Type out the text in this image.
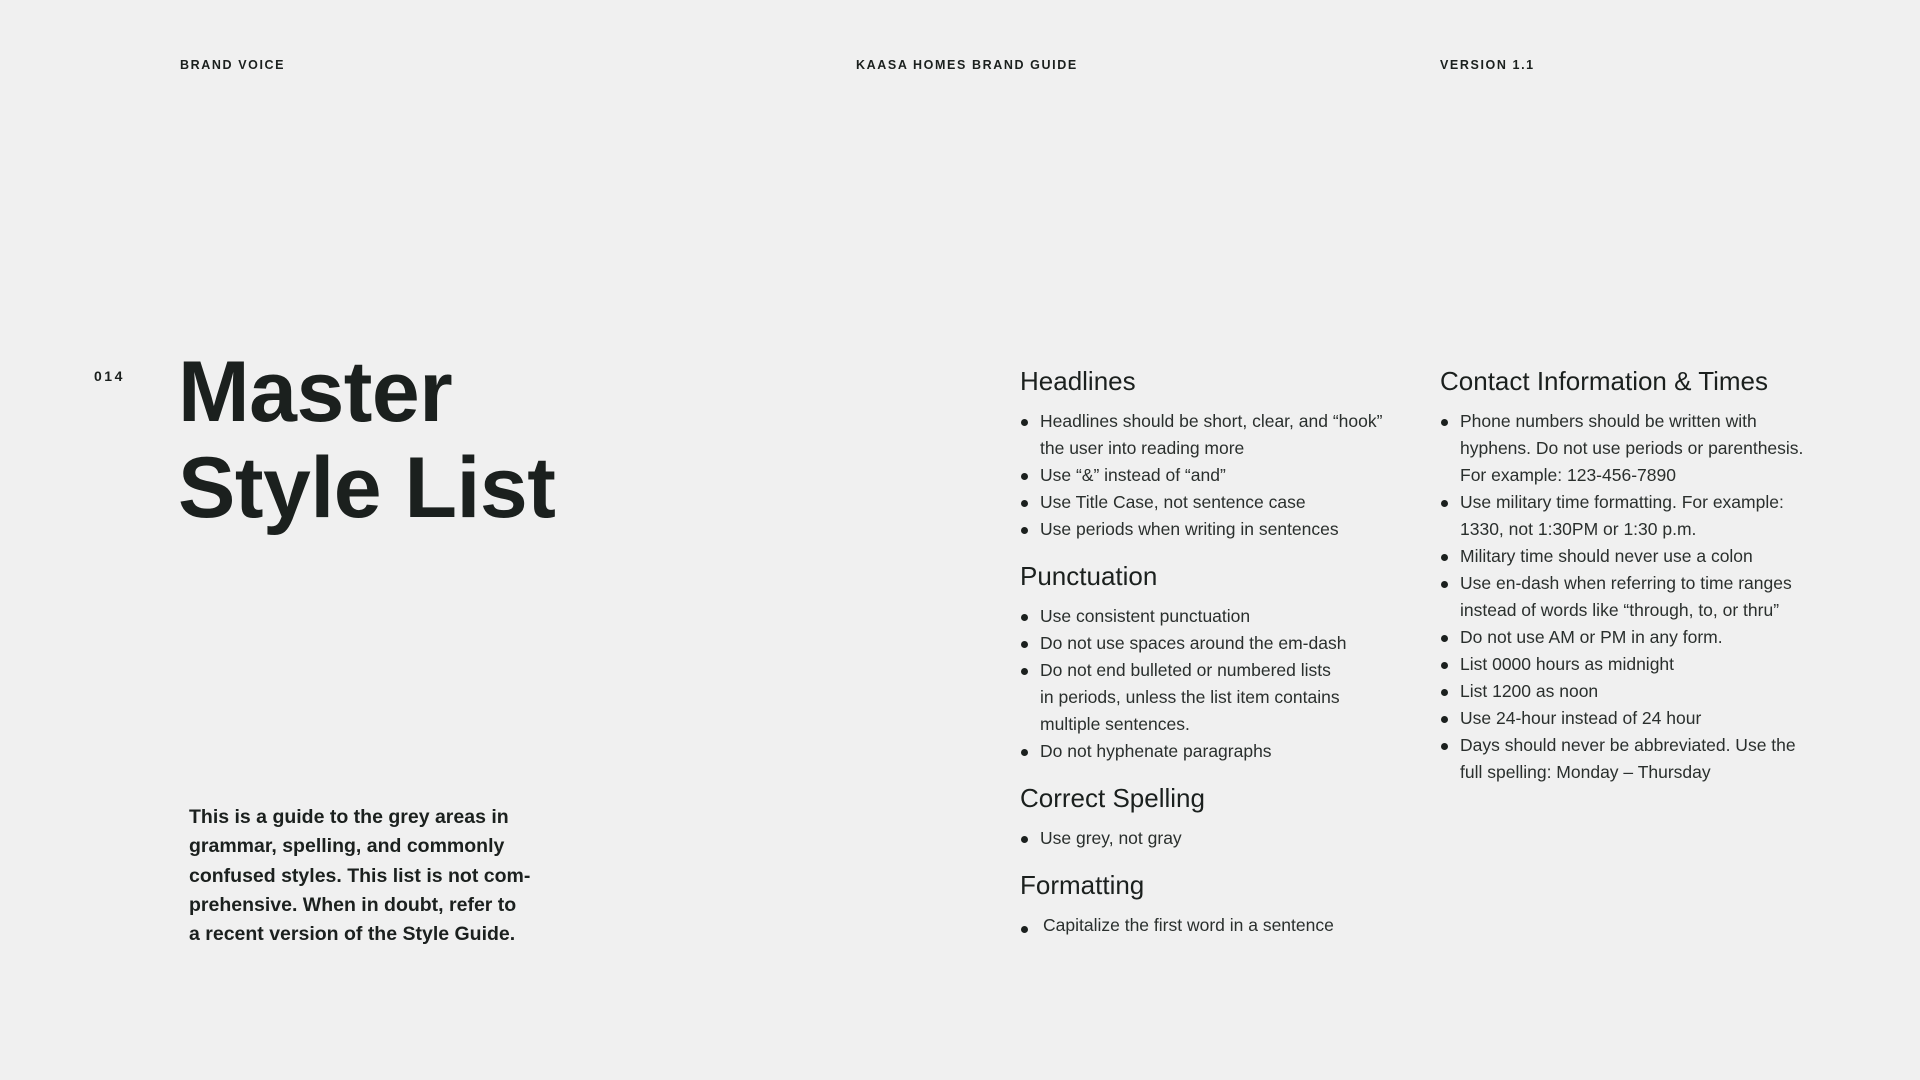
BRAND VOICE	KAASA HOMES BRAND GUIDE	VERSION 1.1
014 Master
Style List

This is a guide to the grey areas in
grammar, spelling, and commonly
confused styles. This list is not com-
prehensive. When in doubt, refer to
a recent version of the Style Guide.

Headlines
Headlines should be short, clear, and “hook”
the user into reading more
Use “&” instead of “and”
Use Title Case, not sentence case
Use periods when writing in sentences
Punctuation
Use consistent punctuation
Do not use spaces around the em-dash
Do not end bulleted or numbered lists
in periods, unless the list item contains
multiple sentences.
Do not hyphenate paragraphs
Correct Spelling
Use grey, not gray
Formatting
Capitalize the first word in a sentence
Contact Information & Times
Phone numbers should be written with
hyphens. Do not use periods or parenthesis.
For example: 123-456-7890
Use military time formatting. For example:
1330, not 1:30PM or 1:30 p.m.
Military time should never use a colon
Use en-dash when referring to time ranges
instead of words like “through, to, or thru”
Do not use AM or PM in any form.
List 0000 hours as midnight
List 1200 as noon
Use 24-hour instead of 24 hour
Days should never be abbreviated. Use the
full spelling: Monday – Thursday
